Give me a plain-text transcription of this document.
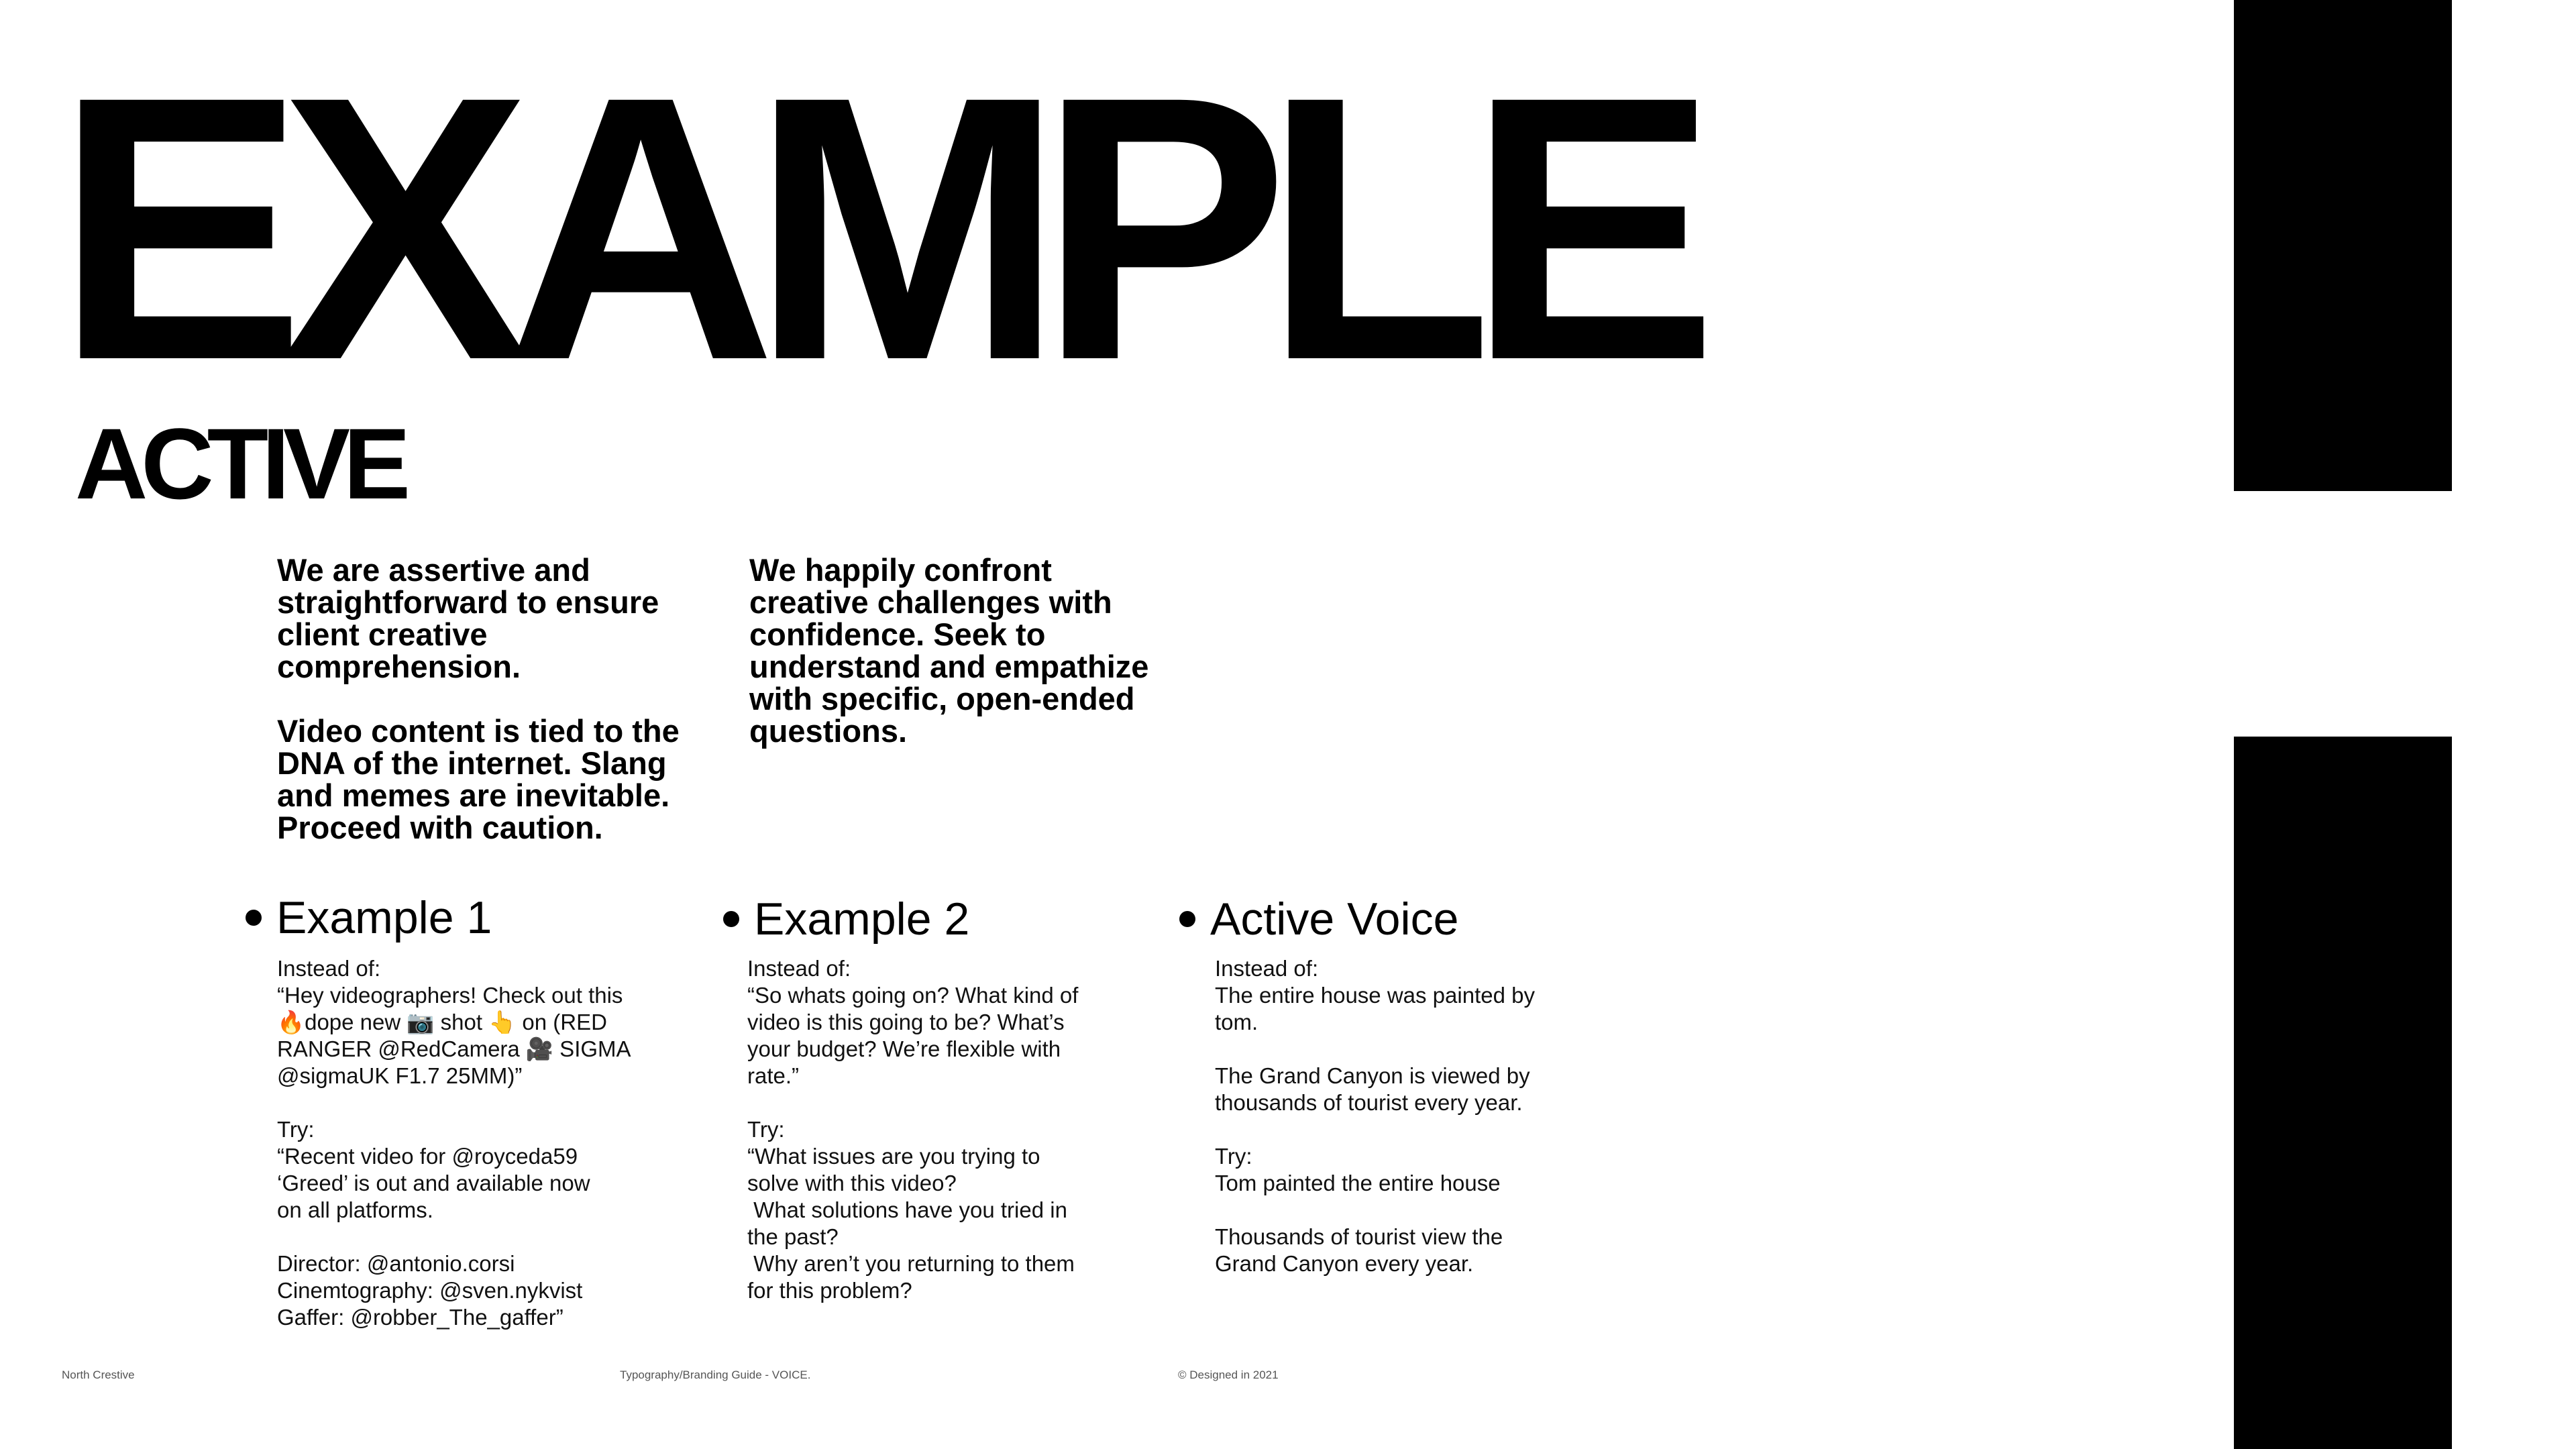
EXAMPLE
ACTIVE

We are assertive and straightforward to ensure client creative comprehension.

Video content is tied to the DNA of the internet. Slang and memes are inevitable. Proceed with caution.

We happily confront creative challenges with confidence. Seek to understand and empathize with specific, open-ended questions.

Example 1
Instead of:
“Hey videographers! Check out this
🔥dope new 📷 shot 👆 on (RED
RANGER @RedCamera 🎥 SIGMA
@sigmaUK F1.7 25MM)”
Try:
“Recent video for @royceda59
‘Greed’ is out and available now
on all platforms.
Director: @antonio.corsi
Cinemtography: @sven.nykvist
Gaffer: @robber_The_gaffer”
Example 2
Instead of:
“So whats going on? What kind of
video is this going to be? What’s
your budget? We’re flexible with
rate.”
Try:
“What issues are you trying to
solve with this video?
What solutions have you tried in
the past?
Why aren’t you returning to them
for this problem?
Active Voice
Instead of:
The entire house was painted by
tom.
The Grand Canyon is viewed by
thousands of tourist every year.
Try:
Tom painted the entire house
Thousands of tourist view the
Grand Canyon every year.
North Crestive	Typography/Branding Guide - VOICE.	© Designed in 2021
